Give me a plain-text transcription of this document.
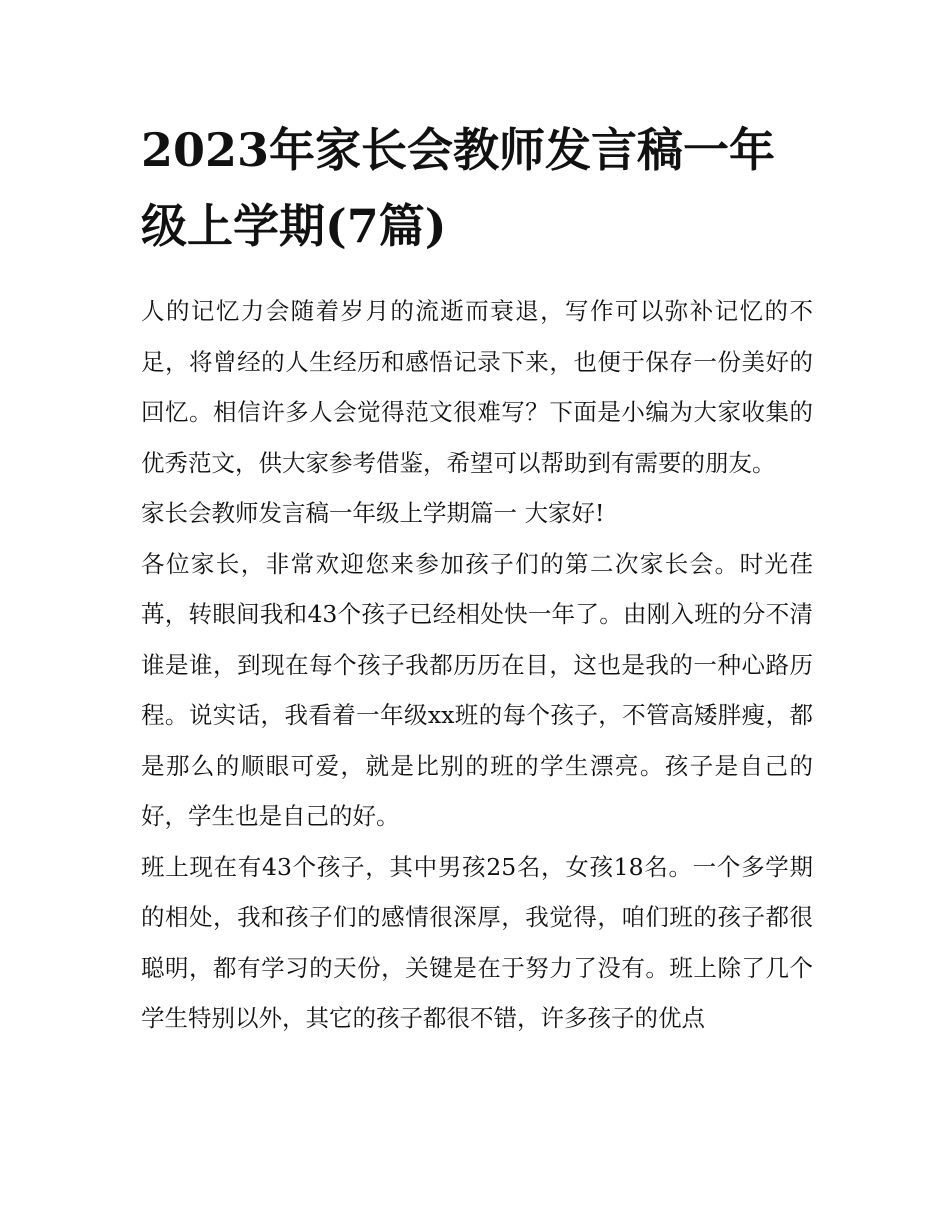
2023年家长会教师发言稿一年级上学期(7篇)

人的记忆力会随着岁月的流逝而衰退，写作可以弥补记忆的不足，将曾经的人生经历和感悟记录下来，也便于保存一份美好的回忆。相信许多人会觉得范文很难写？下面是小编为大家收集的优秀范文，供大家参考借鉴，希望可以帮助到有需要的朋友。

家长会教师发言稿一年级上学期篇一 大家好!

各位家长，非常欢迎您来参加孩子们的第二次家长会。时光荏苒，转眼间我和43个孩子已经相处快一年了。由刚入班的分不清谁是谁，到现在每个孩子我都历历在目，这也是我的一种心路历程。说实话，我看着一年级xx班的每个孩子，不管高矮胖瘦，都是那么的顺眼可爱，就是比别的班的学生漂亮。孩子是自己的好，学生也是自己的好。

班上现在有43个孩子，其中男孩25名，女孩18名。一个多学期的相处，我和孩子们的感情很深厚，我觉得，咱们班的孩子都很聪明，都有学习的天份，关键是在于努力了没有。班上除了几个学生特别以外，其它的孩子都很不错，许多孩子的优点
